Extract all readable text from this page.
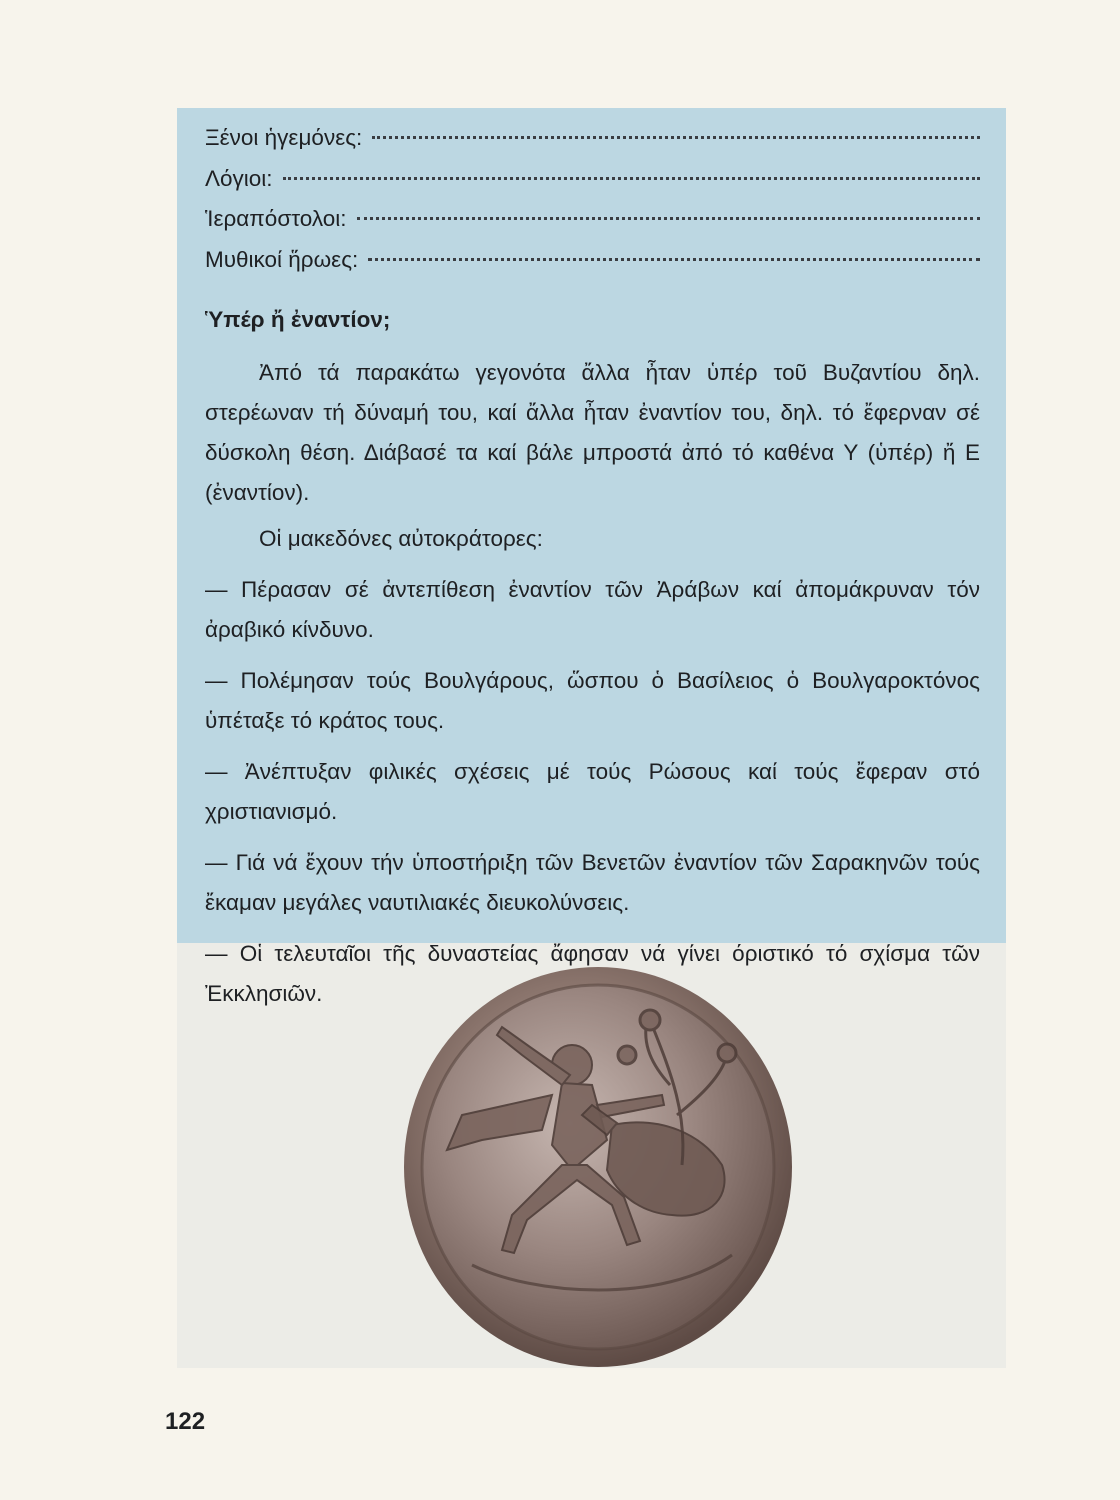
Ξένοι ἡγεμόνες:
Λόγιοι:
Ἱεραπόστολοι:
Μυθικοί ἥρωες:
Ὑπέρ ἤ ἐναντίον;

Ἀπό τά παρακάτω γεγονότα ἄλλα ἦταν ὑπέρ τοῦ Βυζαντίου δηλ. στερέωναν τή δύναμή του, καί ἄλλα ἦταν ἐναντίον του, δηλ. τό ἔφερναν σέ δύσκολη θέση. Διάβασέ τα καί βάλε μπροστά ἀπό τό καθένα Υ (ὑπέρ) ἤ Ε (ἐναντίον).

Οἱ μακεδόνες αὐτοκράτορες:

— Πέρασαν σέ ἀντεπίθεση ἐναντίον τῶν Ἀράβων καί ἀπομάκρυναν τόν ἀραβικό κίνδυνο.

— Πολέμησαν τούς Βουλγάρους, ὥσπου ὁ Βασίλειος ὁ Βουλγαροκτόνος ὑπέταξε τό κράτος τους.

— Ἀνέπτυξαν φιλικές σχέσεις μέ τούς Ρώσους καί τούς ἔφεραν στό χριστιανισμό.

— Γιά νά ἔχουν τήν ὑποστήριξη τῶν Βενετῶν ἐναντίον τῶν Σαρακηνῶν τούς ἔκαμαν μεγάλες ναυτιλιακές διευκολύνσεις.

— Οἱ τελευταῖοι τῆς δυναστείας ἄφησαν νά γίνει όριστικό τό σχίσμα τῶν Ἐκκλησιῶν.

122
